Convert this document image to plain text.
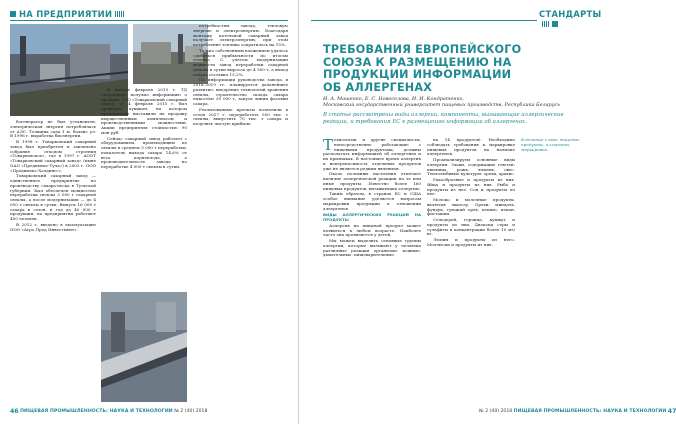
НА ПРЕДПРИЯТИИ

богенератор не был установлен, электрическая энергия потреблялась от АЭС. Толщина сада 1 м, баланс ул. В 1996 г. выработка биоэнергии.

В 1998 г. Товарковский сахарный завод был приобретен и закончено собрание отходом строения «Товарковское», где в 1997 г. АООТ «Товарковский сахарный завод» (ныне ОАО «Продимекс-Тула») в 2003 г. ООО «Продимекс-Холдингс».

Товарковский сахарный завод — единственное предприятие по производству сахара-песка в Тульской губернии. Был обеспечен мощностью переработки свеклы 3 000 т сахарной свеклы, а после модернизации — до 4 000 т свеклы в сутки. Выпуск 16 000 т сахара в сезон, в год до 40 000 т продукции, на предприятии работают 450 человек.

В 2012 г. введено в эксплуатацию ООО «Агро Прод Инвестмент».

В начале февраля 2015 г. ТД «Агропрод» получил информацию о продаже ТОО «Товарковский сахарный завод» от 4 февраля 2015 г. был проведен аукцион, на котором предприятие выставили на продажу имущественным комплексом и производственными мощностями. Акции предприятия стоимостью 90 млн руб.

Сейчас сахарный завод работает с оборудованием, производящим из свеклы в среднем 3 000 т переработки, показатель выхода сахара 14,6% от веса корнеплода, а производительность завода по переработке 4 000 т свеклы в сутки.

потребностям завода, тепловую энергию и электроэнергию. Благодаря монтажу котельной сахарный завод получает электроэнергию, при этом потребление топлива сократилось на 15%.

Только собственным вложением удалось «добиться прибыльности по итогам сезона». С учетом модернизации мощности завод переработки сахарной свеклы в сутки выросла до 4 500 т, а выход сахара составил 15,2%.

По информации руководства завода, в 2018–2019 гг. планируется дальнейшее развитие: внедрение технологий хранения свеклы, строительство склада сахара емкостью 30 000 т, запуск линии фасовки сахара.

Реализованные проекты позволили в сезон 2017 г. переработать 500 тыс. т свеклы, выпустить 70 тыс. т сахара и получить чистую прибыль.

46 ПИЩЕВАЯ ПРОМЫШЛЕННОСТЬ: НАУКА И ТЕХНОЛОГИИ № 2 (40) 2018
СТАНДАРТЫ
ТРЕБОВАНИЯ ЕВРОПЕЙСКОГО СОЮЗА К РАЗМЕЩЕНИЮ НА ПРОДУКЦИИ ИНФОРМАЦИИ ОБ АЛЛЕРГЕНАХ
И. А. Машенко, Е. С. Новоселова, И. И. Кондратенко,
Московский государственный университет пищевых производств, Республика Беларусь
В статье рассмотрены виды аллергии, компоненты, вызывающие аллергические реакции, и требования ЕС к размещению информации об аллергенах.

Технологии и другие специалисты, непосредственно работающие с пищевыми продуктами, должны располагать информацией об аллергенах и их признаках. В настоящее время аллергия к непереносимость отдельных продуктов уже не является редким явлением.

Около половины населения отмечает наличие аллергической реакции на те или иные продукты. Известно более 160 пищевых продуктов, вызывающих аллергию.

Таким образом, в странах ЕС и США особое внимание уделяется вопросам маркировки продукции в отношении аллергенов.

ВИДЫ АЛЛЕРГИЧЕСКИХ РЕАКЦИЙ НА ПРОДУКТЫ

Аллергия на пищевой продукт может появиться в любом возрасте. Наиболее часто она проявляется у детей.

Мы можем выделить основные группы аллергии, которые вызывают у человека различные реакции организма: кожные, дыхательные, пищеварительные.

на 14 продуктов). Необходимо соблюдать требования к маркировке пищевых продуктов на наличие аллергенов.

Проанализируем основные виды аллергии. Злаки, содержащие глютен: пшеница, рожь, ячмень, овес. Теплолюбивые культуры: орехи, арахис.

Ракообразные и продукты из них. Яйца и продукты из них. Рыба и продукты из нее. Соя и продукты из нее.

Молоко и молочные продукты, включая лактозу. Орехи: миндаль, фундук, грецкий орех, кешью, пекан, фисташки.

Сельдерей, горчица, кунжут и продукты из них. Диоксид серы и сульфиты в концентрации более 10 мг/кг.

Люпин и продукты из него. Моллюски и продукты из них.

Ключевые слова: пищевые продукты, аллергены, маркировка.
№ 2 (40) 2018 ПИЩЕВАЯ ПРОМЫШЛЕННОСТЬ: НАУКА И ТЕХНОЛОГИИ 47
